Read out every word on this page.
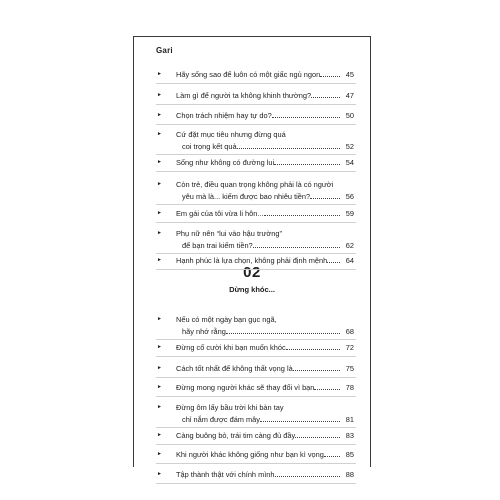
Gari
02
Dừng khóc...
► Hãy sống sao để luôn có một giấc ngủ ngon	45
► Làm gì để người ta không khinh thường?	47
► Chọn trách nhiệm hay tự do?	50
► Cứ đặt mục tiêu nhưng đừng quá
coi trọng kết quả	52
► Sống như không có đường lui	54
► Còn trẻ, điều quan trọng không phải là có người
yêu mà là... kiếm được bao nhiêu tiền?	56
► Em gái của tôi vừa li hôn...	59
► Phụ nữ nên “lui vào hậu trường”
để bạn trai kiếm tiền?	62
► Hạnh phúc là lựa chọn, không phải định mệnh	64
► Nếu có một ngày bạn gục ngã,
hãy nhớ rằng	68
► Đừng cố cười khi bạn muốn khóc	72
► Cách tốt nhất để không thất vọng là	75
► Đừng mong người khác sẽ thay đổi vì bạn	78
► Đừng ôm lấy bầu trời khi bàn tay
chỉ nắm được đám mây	81
► Càng buông bỏ, trái tim càng đủ đầy	83
► Khi người khác không giống như bạn kì vọng	85
► Tập thành thật với chính mình	88
